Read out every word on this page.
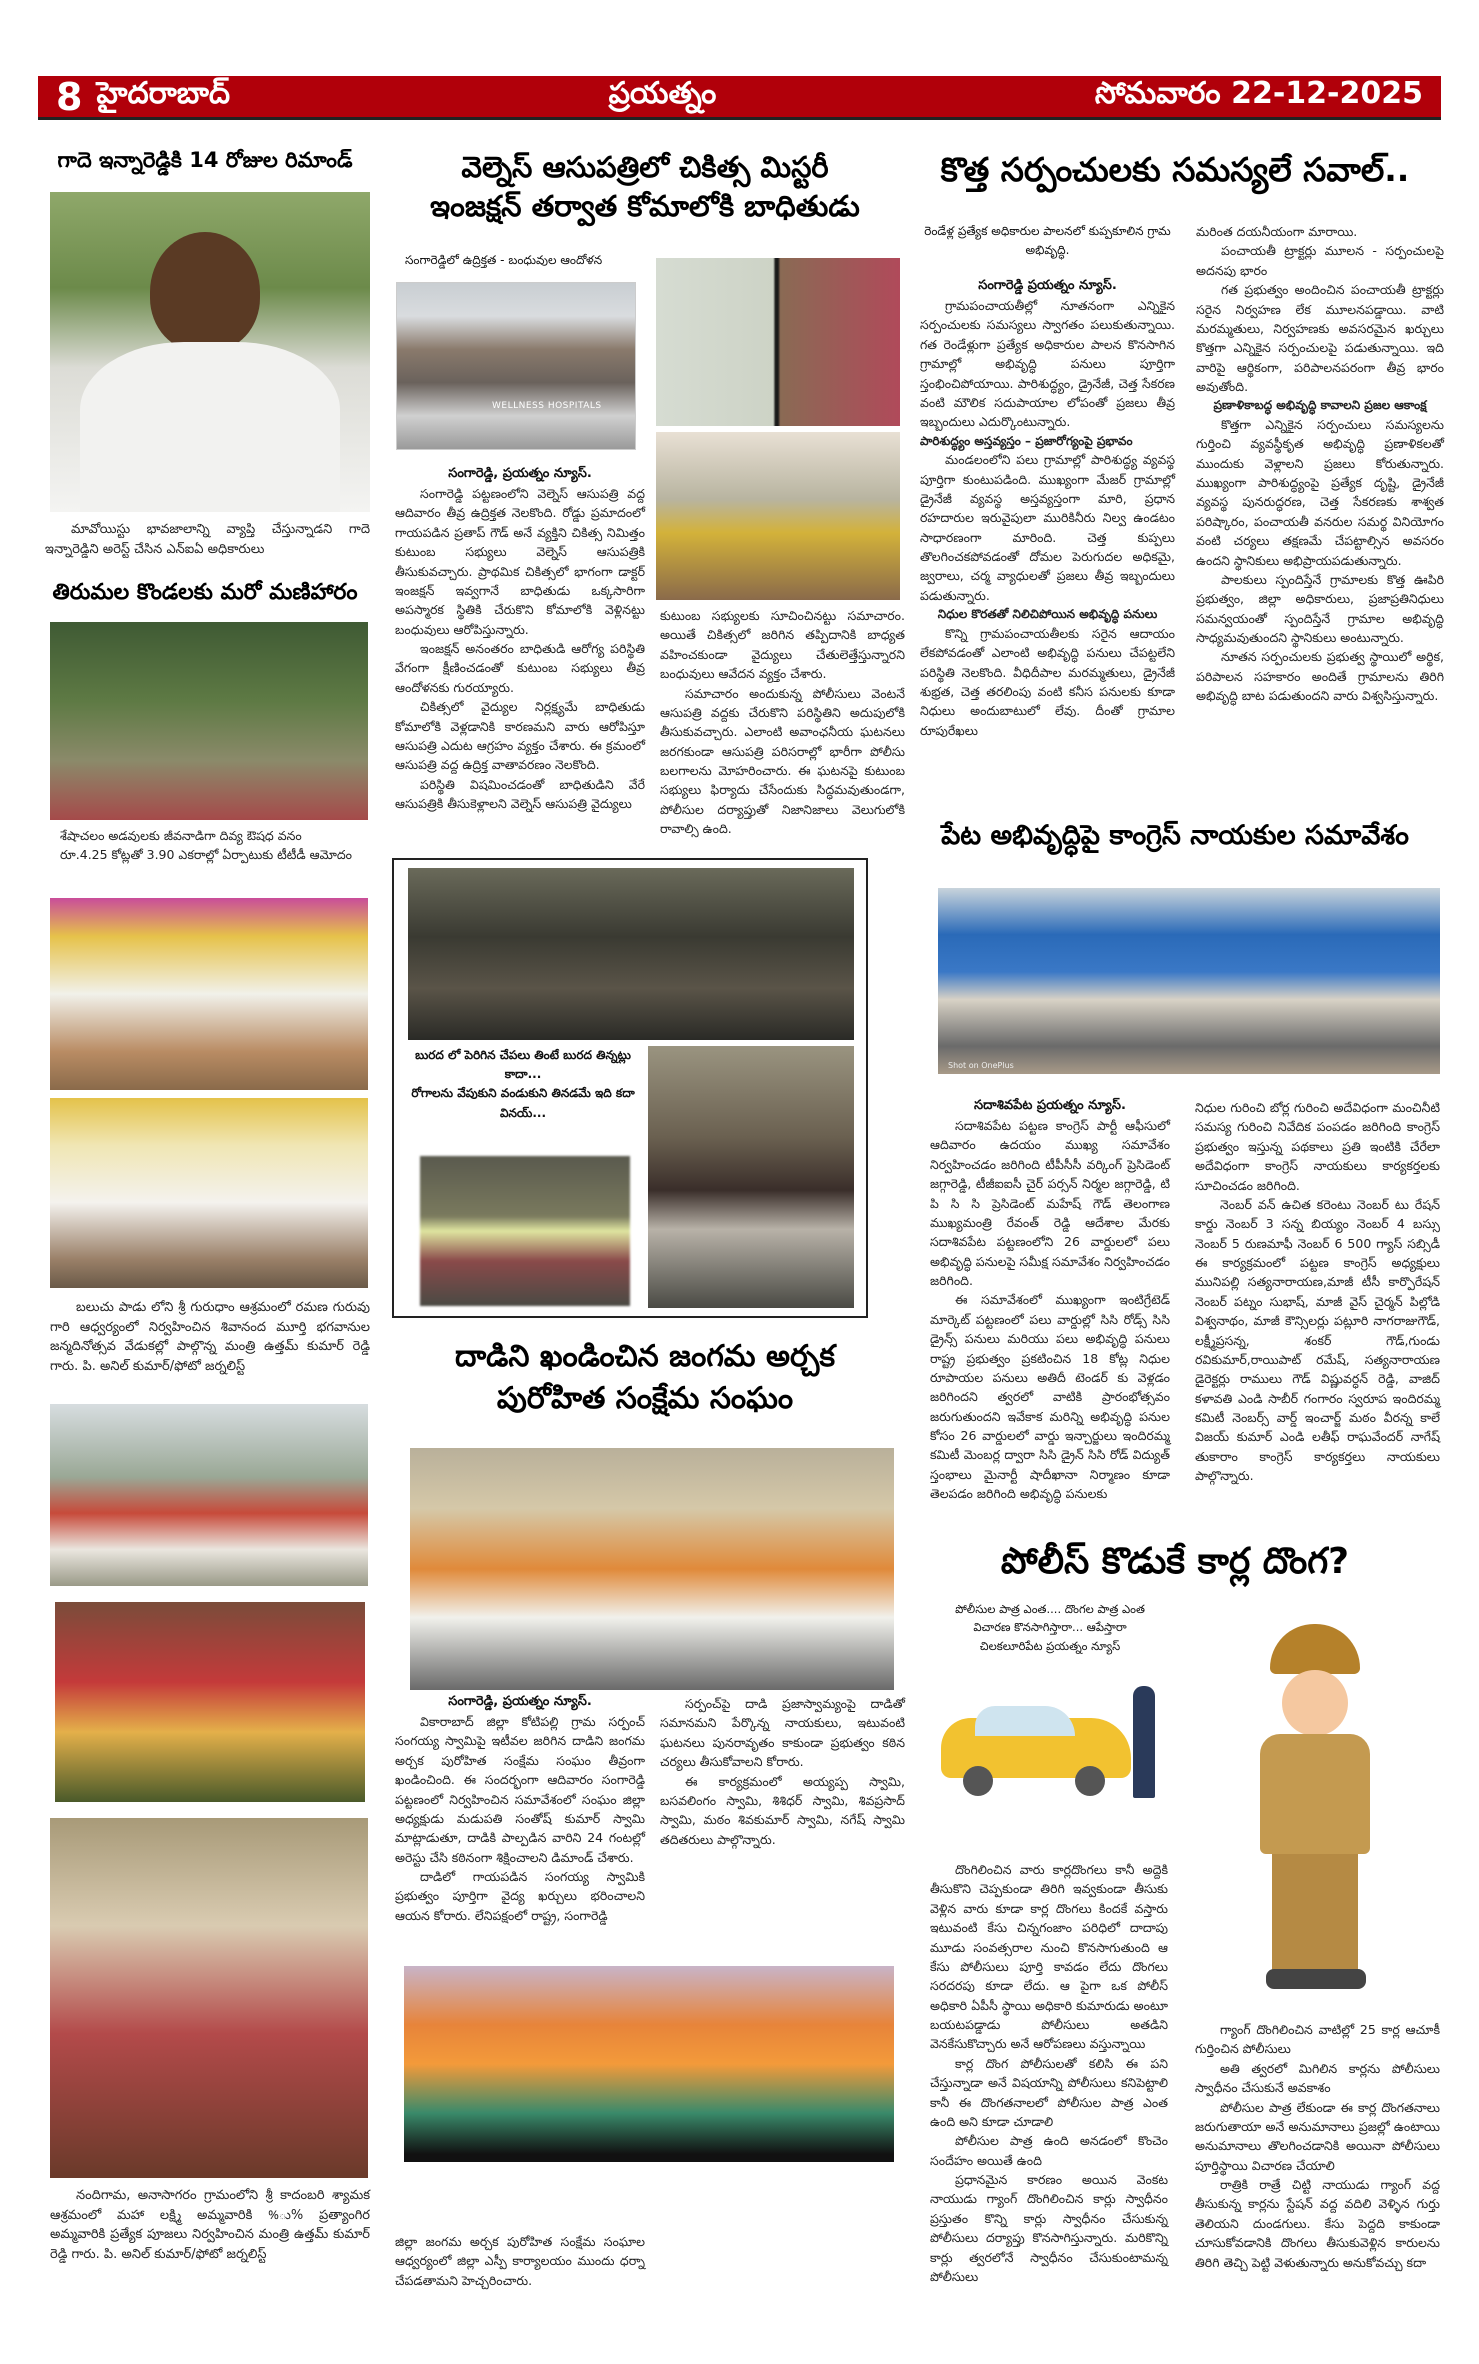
8 హైదరాబాద్	ప్రయత్నం	సోమవారం 22-12-2025
గాదె ఇన్నారెడ్డికి 14 రోజుల రిమాండ్
మావోయిస్టు భావజాలాన్ని వ్యాప్తి చేస్తున్నాడని గాదె ఇన్నారెడ్డిని అరెస్ట్ చేసిన ఎన్ఐఏ అధికారులు
తిరుమల కొండలకు మరో మణిహారం
శేషాచలం అడవులకు జీవనాడిగా దివ్య ఔషధ వనం
రూ.4.25 కోట్లతో 3.90 ఎకరాల్లో ఏర్పాటుకు టీటీడీ ఆమోదం
బలుచు పాడు లోని శ్రీ గురుధాం ఆశ్రమంలో రమణ గురువు గారి ఆధ్వర్యంలో నిర్వహించిన శివానంద మూర్తి భగవానుల జన్మదినోత్సవ వేడుకల్లో పాల్గొన్న మంత్రి ఉత్తమ్ కుమార్ రెడ్డి గారు. పి. అనిల్ కుమార్/ఫోటో జర్నలిస్ట్
నందిగామ, అనాసాగరం గ్రామంలోని శ్రీ కాదంబరి శ్యామక ఆశ్రమంలో మహా లక్ష్మి అమ్మవారికి %ు% ప్రత్యాంగిర అమ్మవారికి ప్రత్యేక పూజలు నిర్వహించిన మంత్రి ఉత్తమ్ కుమార్ రెడ్డి గారు. పి. అనిల్ కుమార్/ఫోటో జర్నలిస్ట్
వెల్నెస్ ఆసుపత్రిలో చికిత్స మిస్టరీ
ఇంజక్షన్ తర్వాత కోమాలోకి బాధితుడు
సంగారెడ్డిలో ఉద్రిక్తత - బంధువుల ఆందోళన
WELLNESS HOSPITALS
సంగారెడ్డి, ప్రయత్నం న్యూస్.

సంగారెడ్డి పట్టణంలోని వెల్నెస్ ఆసుపత్రి వద్ద ఆదివారం తీవ్ర ఉద్రిక్తత నెలకొంది. రోడ్డు ప్రమాదంలో గాయపడిన ప్రతాప్ గౌడ్ అనే వ్యక్తిని చికిత్స నిమిత్తం కుటుంబ సభ్యులు వెల్నెస్ ఆసుపత్రికి తీసుకువచ్చారు. ప్రాథమిక చికిత్సలో భాగంగా డాక్టర్ ఇంజక్షన్ ఇవ్వగానే బాధితుడు ఒక్కసారిగా అపస్మారక స్థితికి చేరుకొని కోమాలోకి వెళ్లినట్టు బంధువులు ఆరోపిస్తున్నారు.

ఇంజక్షన్ అనంతరం బాధితుడి ఆరోగ్య పరిస్థితి వేగంగా క్షీణించడంతో కుటుంబ సభ్యులు తీవ్ర ఆందోళనకు గురయ్యారు.

చికిత్సలో వైద్యుల నిర్లక్ష్యమే బాధితుడు కోమాలోకి వెళ్లడానికి కారణమని వారు ఆరోపిస్తూ ఆసుపత్రి ఎదుట ఆగ్రహం వ్యక్తం చేశారు. ఈ క్రమంలో ఆసుపత్రి వద్ద ఉద్రిక్త వాతావరణం నెలకొంది.

పరిస్థితి విషమించడంతో బాధితుడిని వేరే ఆసుపత్రికి తీసుకెళ్లాలని వెల్నెస్ ఆసుపత్రి వైద్యులు

కుటుంబ సభ్యులకు సూచించినట్టు సమాచారం. అయితే చికిత్సలో జరిగిన తప్పిదానికి బాధ్యత వహించకుండా వైద్యులు చేతులెత్తేస్తున్నారని బంధువులు ఆవేదన వ్యక్తం చేశారు.

సమాచారం అందుకున్న పోలీసులు వెంటనే ఆసుపత్రి వద్దకు చేరుకొని పరిస్థితిని అదుపులోకి తీసుకువచ్చారు. ఎలాంటి అవాంఛనీయ ఘటనలు జరగకుండా ఆసుపత్రి పరిసరాల్లో భారీగా పోలీసు బలగాలను మోహరించారు. ఈ ఘటనపై కుటుంబ సభ్యులు ఫిర్యాదు చేసేందుకు సిద్ధమవుతుండగా, పోలీసుల దర్యాప్తుతో నిజానిజాలు వెలుగులోకి రావాల్సి ఉంది.

బురద లో పెరిగిన చేపలు తింటే బురద తిన్నట్లు కాదా...
రోగాలను వేపుకుని వండుకుని తినడమే ఇది కదా వినయ్...
దాడిని ఖండించిన జంగమ అర్చక
పురోహిత సంక్షేమ సంఘం
సంగారెడ్డి, ప్రయత్నం న్యూస్.

వికారాబాద్ జిల్లా కోటిపల్లి గ్రామ సర్పంచ్ సంగయ్య స్వామిపై ఇటీవల జరిగిన దాడిని జంగమ అర్చక పురోహిత సంక్షేమ సంఘం తీవ్రంగా ఖండించింది. ఈ సందర్భంగా ఆదివారం సంగారెడ్డి పట్టణంలో నిర్వహించిన సమావేశంలో సంఘం జిల్లా అధ్యక్షుడు మడుపతి సంతోష్ కుమార్ స్వామి మాట్లాడుతూ, దాడికి పాల్పడిన వారిని 24 గంటల్లో అరెస్టు చేసి కఠినంగా శిక్షించాలని డిమాండ్ చేశారు.

దాడిలో గాయపడిన సంగయ్య స్వామికి ప్రభుత్వం పూర్తిగా వైద్య ఖర్చులు భరించాలని ఆయన కోరారు. లేనిపక్షంలో రాష్ట్ర, సంగారెడ్డి

సర్పంచ్‌పై దాడి ప్రజాస్వామ్యంపై దాడితో సమానమని పేర్కొన్న నాయకులు, ఇటువంటి ఘటనలు పునరావృతం కాకుండా ప్రభుత్వం కఠిన చర్యలు తీసుకోవాలని కోరారు.

ఈ కార్యక్రమంలో అయ్యప్ప స్వామి, బసవలింగం స్వామి, శిశిధర్ స్వామి, శివప్రసాద్ స్వామి, మఠం శివకుమార్ స్వామి, నగేష్ స్వామి తదితరులు పాల్గొన్నారు.

జిల్లా జంగమ అర్చక పురోహిత సంక్షేమ సంఘాల ఆధ్వర్యంలో జిల్లా ఎస్పీ కార్యాలయం ముందు ధర్నా చేపడతామని హెచ్చరించారు.

కొత్త సర్పంచులకు సమస్యలే సవాల్..
రెండేళ్ల ప్రత్యేక అధికారుల పాలనలో కుప్పకూలిన గ్రామ అభివృద్ధి.
సంగారెడ్డి ప్రయత్నం న్యూస్.

గ్రామపంచాయతీల్లో నూతనంగా ఎన్నికైన సర్పంచులకు సమస్యలు స్వాగతం పలుకుతున్నాయి. గత రెండేళ్లుగా ప్రత్యేక అధికారుల పాలన కొనసాగిన గ్రామాల్లో అభివృద్ధి పనులు పూర్తిగా స్తంభించిపోయాయి. పారిశుద్ధ్యం, డ్రైనేజీ, చెత్త సేకరణ వంటి మౌలిక సదుపాయాల లోపంతో ప్రజలు తీవ్ర ఇబ్బందులు ఎదుర్కొంటున్నారు.

పారిశుద్ధ్యం అస్తవ్యస్తం – ప్రజారోగ్యంపై ప్రభావం

మండలంలోని పలు గ్రామాల్లో పారిశుద్ధ్య వ్యవస్థ పూర్తిగా కుంటుపడింది. ముఖ్యంగా మేజర్ గ్రామాల్లో డ్రైనేజీ వ్యవస్థ అస్తవ్యస్తంగా మారి, ప్రధాన రహదారుల ఇరువైపులా మురికినీరు నిల్వ ఉండటం సాధారణంగా మారింది. చెత్త కుప్పలు తొలగించకపోవడంతో దోమల పెరుగుదల అధికమై, జ్వరాలు, చర్మ వ్యాధులతో ప్రజలు తీవ్ర ఇబ్బందులు పడుతున్నారు.

నిధుల కొరతతో నిలిచిపోయిన అభివృద్ధి పనులు

కొన్ని గ్రామపంచాయతీలకు సరైన ఆదాయం లేకపోవడంతో ఎలాంటి అభివృద్ధి పనులు చేపట్టలేని పరిస్థితి నెలకొంది. వీధిదీపాల మరమ్మతులు, డ్రైనేజీ శుభ్రత, చెత్త తరలింపు వంటి కనీస పనులకు కూడా నిధులు అందుబాటులో లేవు. దీంతో గ్రామాల రూపురేఖలు

మరింత దయనీయంగా మారాయి.

పంచాయతీ ట్రాక్టర్లు మూలన - సర్పంచులపై అదనపు భారం

గత ప్రభుత్వం అందించిన పంచాయతీ ట్రాక్టర్లు సరైన నిర్వహణ లేక మూలనపడ్డాయి. వాటి మరమ్మతులు, నిర్వహణకు అవసరమైన ఖర్చులు కొత్తగా ఎన్నికైన సర్పంచులపై పడుతున్నాయి. ఇది వారిపై ఆర్థికంగా, పరిపాలనపరంగా తీవ్ర భారం అవుతోంది.

ప్రణాళికాబద్ధ అభివృద్ధి కావాలని ప్రజల ఆకాంక్ష

కొత్తగా ఎన్నికైన సర్పంచులు సమస్యలను గుర్తించి వ్యవస్థీకృత అభివృద్ధి ప్రణాళికలతో ముందుకు వెళ్లాలని ప్రజలు కోరుతున్నారు. ముఖ్యంగా పారిశుద్ధ్యంపై ప్రత్యేక దృష్టి, డ్రైనేజీ వ్యవస్థ పునరుద్ధరణ, చెత్త సేకరణకు శాశ్వత పరిష్కారం, పంచాయతీ వనరుల సమర్థ వినియోగం వంటి చర్యలు తక్షణమే చేపట్టాల్సిన అవసరం ఉందని స్థానికులు అభిప్రాయపడుతున్నారు.

పాలకులు స్పందిస్తేనే గ్రామాలకు కొత్త ఊపిరి ప్రభుత్వం, జిల్లా అధికారులు, ప్రజాప్రతినిధులు సమన్వయంతో స్పందిస్తేనే గ్రామాల అభివృద్ధి సాధ్యమవుతుందని స్థానికులు అంటున్నారు.

నూతన సర్పంచులకు ప్రభుత్వ స్థాయిలో అర్థిక, పరిపాలన సహకారం అందితే గ్రామాలను తిరిగి అభివృద్ధి బాట పడుతుందని వారు విశ్వసిస్తున్నారు.

పేట అభివృద్ధిపై కాంగ్రెస్ నాయకుల సమావేశం
Shot on OnePlus
సదాశివపేట ప్రయత్నం న్యూస్.

సదాశివపేట పట్టణ కాంగ్రెస్ పార్టీ ఆఫీసులో ఆదివారం ఉదయం ముఖ్య సమావేశం నిర్వహించడం జరిగింది టీపీసీసీ వర్కింగ్ ప్రెసిడెంట్ జగ్గారెడ్డి, టీజీఐఐసీ చైర్ పర్సన్ నిర్మల జగ్గారెడ్డి, టి పి సి సి ప్రెసిడెంట్ మహేష్ గౌడ్ తెలంగాణ ముఖ్యమంత్రి రేవంత్ రెడ్డి ఆదేశాల మేరకు సదాశివపేట పట్టణంలోని 26 వార్డులలో పలు అభివృద్ధి పనులపై సమీక్ష సమావేశం నిర్వహించడం జరిగింది.

ఈ సమావేశంలో ముఖ్యంగా ఇంటిగ్రేటెడ్ మార్కెట్ పట్టణంలో పలు వార్డుల్లో సిసి రోడ్స్ సిసి డ్రైన్స్ పనులు మరియు పలు అభివృద్ధి పనులు రాష్ట్ర ప్రభుత్వం ప్రకటించిన 18 కోట్ల నిధుల రూపాయల పనులు అతిదీ టెండర్ కు వెళ్లడం జరిగిందని త్వరలో వాటికి ప్రారంభోత్సవం జరుగుతుందని ఇవేకాక మరిన్ని అభివృద్ధి పనుల కోసం 26 వార్డులలో వార్డు ఇన్చార్జులు ఇందిరమ్మ కమిటీ మెంబర్ల ద్వారా సిసి డ్రైన్ సిసి రోడ్ విద్యుత్ స్తంభాలు మైనార్టీ షాదీఖానా నిర్మాణం కూడా తెలపడం జరిగింది అభివృద్ధి పనులకు

నిధుల గురించి బోర్ల గురించి అదేవిధంగా మంచినీటి సమస్య గురించి నివేదిక పంపడం జరిగింది కాంగ్రెస్ ప్రభుత్వం ఇస్తున్న పథకాలు ప్రతి ఇంటికి చేరేలా అదేవిధంగా కాంగ్రెస్ నాయకులు కార్యకర్తలకు సూచించడం జరిగింది.

నెంబర్ వన్ ఉచిత కరెంటు నెంబర్ టు రేషన్ కార్డు నెంబర్ 3 సన్న బియ్యం నెంబర్ 4 బస్సు నెంబర్ 5 రుణమాఫీ నెంబర్ 6 500 గ్యాస్ సబ్సిడీ ఈ కార్యక్రమంలో పట్టణ కాంగ్రెస్ అధ్యక్షులు మునిపల్లి సత్యనారాయణ,మాజీ టీసీ కార్పొరేషన్ నెంబర్ పట్నం సుభాష్, మాజీ వైస్ చైర్మన్ పిల్లోడి విశ్వనాథం, మాజీ కౌన్సిలర్లు పట్లూరి నాగరాజుగౌడ్, లక్ష్మీప్రసన్న, శంకర్ గౌడ్,గుండు రవికుమార్,రాయిపాట్ రమేష్, సత్యనారాయణ డైరెక్టర్లు రాములు గౌడ్ విష్ణువర్ధన్ రెడ్డి, వాజిద్ కళావతి ఎండి సాబీర్ గంగారం స్వరూప ఇందిరమ్మ కమిటీ నెంబర్స్ వార్డ్ ఇంచార్జ్ మఠం వీరన్న కాలే విజయ్ కుమార్ ఎండి లతీఫ్ రాఘవేందర్ నాగేష్ తుకారాం కాంగ్రెస్ కార్యకర్తలు నాయకులు పాల్గొన్నారు.

పోలీస్ కొడుకే కార్ల దొంగ?
పోలీసుల పాత్ర ఎంత.... దొంగల పాత్ర ఎంత
విచారణ కొనసాగిస్తారా... ఆపేస్తారా
చిలకలూరిపేట ప్రయత్నం న్యూస్

దొంగిలించిన వారు కార్లదొంగలు కానీ అద్దెకి తీసుకొని చెప్పకుండా తిరిగి ఇవ్వకుండా తీసుకు వెళ్లిన వారు కూడా కార్ల దొంగలు కిందకే వస్తారు ఇటువంటి కేసు చిన్నగంజాం పరిధిలో దాదాపు మూడు సంవత్సరాల నుంచి కొనసాగుతుంది ఆ కేసు పోలీసులు పూర్తి కావడం లేదు దొంగలు సరదరపు కూడా లేదు. ఆ పైగా ఒక పోలీస్ అధికారి ఏపీసీ స్థాయి అధికారి కుమారుడు అంటూ బయటపడ్డాడు పోలీసులు అతడిని వెనకేసుకొచ్చారు అనే ఆరోపణలు వస్తున్నాయి

కార్ల దొంగ పోలీసులతో కలిసి ఈ పని చేస్తున్నాడా అనే విషయాన్ని పోలీసులు కనిపెట్టాలి కానీ ఈ దొంగతనాలలో పోలీసుల పాత్ర ఎంత ఉంది అని కూడా చూడాలి

పోలీసుల పాత్ర ఉంది అనడంలో కొంచెం సందేహం అయితే ఉంది

ప్రధానమైన కారణం అయిన వెంకట నాయుడు గ్యాంగ్ దొంగిలించిన కార్లు స్వాధీనం ప్రస్తుతం కొన్ని కార్లు స్వాధీనం చేసుకున్న పోలీసులు దర్యాప్తు కొనసాగిస్తున్నారు. మరికొన్ని కార్లు త్వరలోనే స్వాధీనం చేసుకుంటామన్న పోలీసులు

గ్యాంగ్ దొంగిలించిన వాటిల్లో 25 కార్ల ఆచూకీ గుర్తించిన పోలీసులు

అతి త్వరలో మిగిలిన కార్లను పోలీసులు స్వాధీనం చేసుకునే అవకాశం

పోలీసుల పాత్ర లేకుండా ఈ కార్ల దొంగతనాలు జరుగుతాయా అనే అనుమానాలు ప్రజల్లో ఉంటాయి అనుమానాలు తొలగించడానికి అయినా పోలీసులు పూర్తిస్థాయి విచారణ చేయాలి

రాత్రికి రాత్రే చిట్టి నాయుడు గ్యాంగ్ వద్ద తీసుకున్న కార్లను స్టేషన్ వద్ద వదిలి వెళ్ళిన గుర్తు తెలియని దుండగులు. కేసు పెద్దది కాకుండా చూసుకోవడానికి దొంగలు తీసుకువెళ్లిన కారులను తిరిగి తెచ్చి పెట్టి వెళుతున్నారు అనుకోవచ్చు కదా
